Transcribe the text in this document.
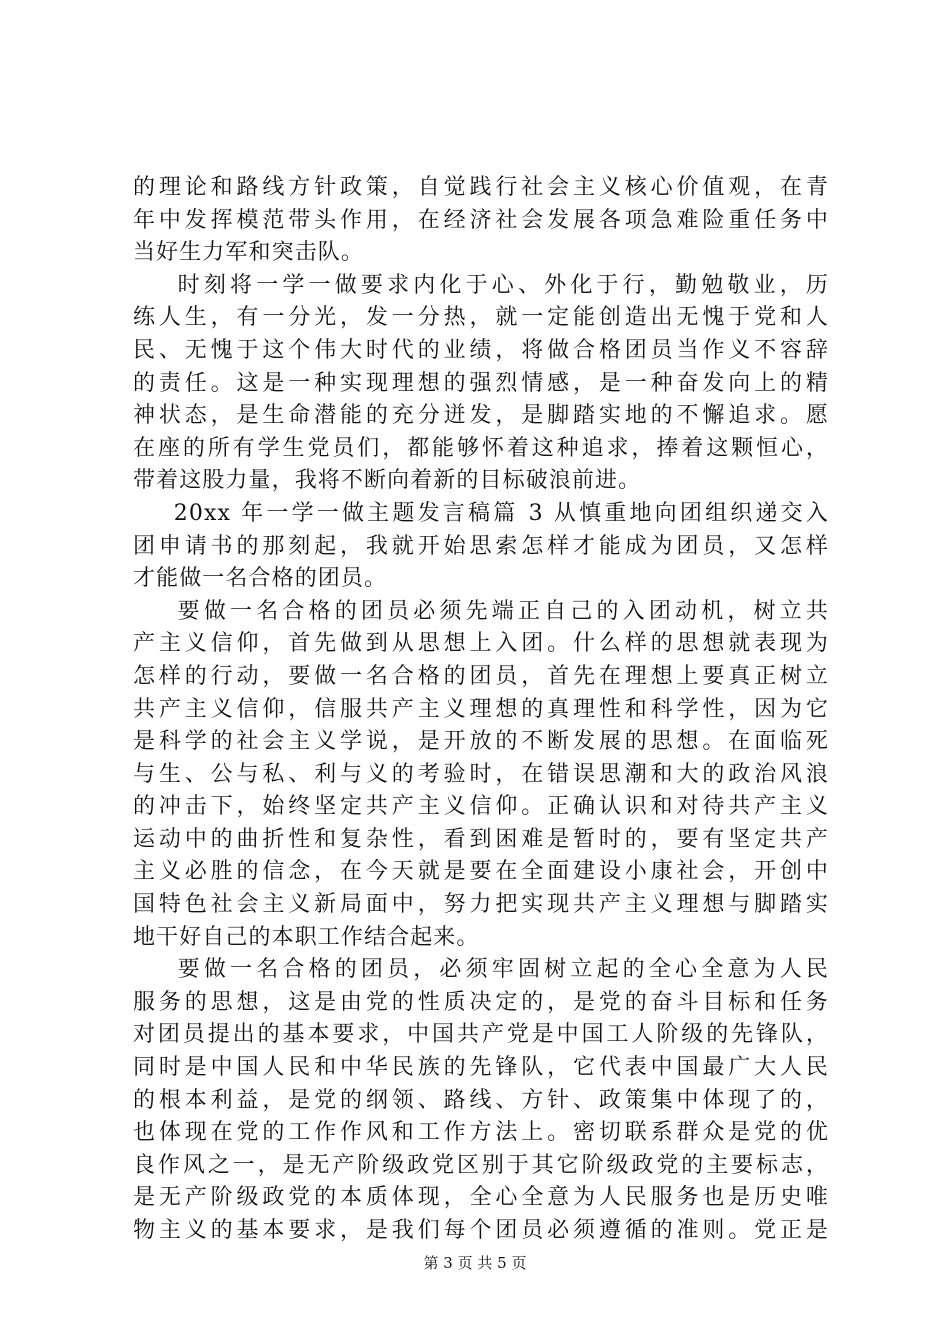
的理论和路线方针政策，自觉践行社会主义核心价值观，在青
年中发挥模范带头作用，在经济社会发展各项急难险重任务中
当好生力军和突击队。
时刻将一学一做要求内化于心、外化于行，勤勉敬业，历
练人生，有一分光，发一分热，就一定能创造出无愧于党和人
民、无愧于这个伟大时代的业绩，将做合格团员当作义不容辞
的责任。这是一种实现理想的强烈情感，是一种奋发向上的精
神状态，是生命潜能的充分迸发，是脚踏实地的不懈追求。愿
在座的所有学生党员们，都能够怀着这种追求，捧着这颗恒心，
带着这股力量，我将不断向着新的目标破浪前进。
20xx 年一学一做主题发言稿篇 3 从慎重地向团组织递交入
团申请书的那刻起，我就开始思索怎样才能成为团员，又怎样
才能做一名合格的团员。
要做一名合格的团员必须先端正自己的入团动机，树立共
产主义信仰，首先做到从思想上入团。什么样的思想就表现为
怎样的行动，要做一名合格的团员，首先在理想上要真正树立
共产主义信仰，信服共产主义理想的真理性和科学性，因为它
是科学的社会主义学说，是开放的不断发展的思想。在面临死
与生、公与私、利与义的考验时，在错误思潮和大的政治风浪
的冲击下，始终坚定共产主义信仰。正确认识和对待共产主义
运动中的曲折性和复杂性，看到困难是暂时的，要有坚定共产
主义必胜的信念，在今天就是要在全面建设小康社会，开创中
国特色社会主义新局面中，努力把实现共产主义理想与脚踏实
地干好自己的本职工作结合起来。
要做一名合格的团员，必须牢固树立起的全心全意为人民
服务的思想，这是由党的性质决定的，是党的奋斗目标和任务
对团员提出的基本要求，中国共产党是中国工人阶级的先锋队，
同时是中国人民和中华民族的先锋队，它代表中国最广大人民
的根本利益，是党的纲领、路线、方针、政策集中体现了的，
也体现在党的工作作风和工作方法上。密切联系群众是党的优
良作风之一，是无产阶级政党区别于其它阶级政党的主要标志，
是无产阶级政党的本质体现，全心全意为人民服务也是历史唯
物主义的基本要求，是我们每个团员必须遵循的准则。党正是
第 3 页 共 5 页
